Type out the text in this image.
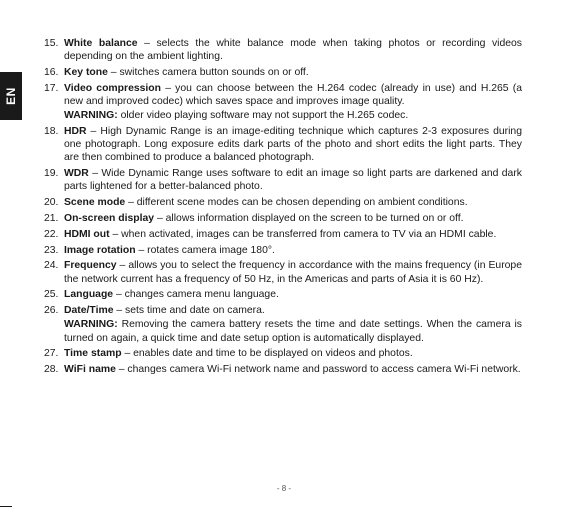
EN
15. White balance – selects the white balance mode when taking photos or recording videos depending on the ambient lighting.
16. Key tone – switches camera button sounds on or off.
17. Video compression – you can choose between the H.264 codec (already in use) and H.265 (a new and improved codec) which saves space and improves image quality.
WARNING: older video playing software may not support the H.265 codec.
18. HDR – High Dynamic Range is an image-editing technique which captures 2-3 exposures during one photograph. Long exposure edits dark parts of the photo and short edits the light parts. They are then combined to produce a balanced photograph.
19. WDR – Wide Dynamic Range uses software to edit an image so light parts are darkened and dark parts lightened for a better-balanced photo.
20. Scene mode – different scene modes can be chosen depending on ambient conditions.
21. On-screen display – allows information displayed on the screen to be turned on or off.
22. HDMI out – when activated, images can be transferred from camera to TV via an HDMI cable.
23. Image rotation – rotates camera image 180°.
24. Frequency – allows you to select the frequency in accordance with the mains frequency (in Europe the network current has a frequency of 50 Hz, in the Americas and parts of Asia it is 60 Hz).
25. Language – changes camera menu language.
26. Date/Time – sets time and date on camera.
WARNING: Removing the camera battery resets the time and date settings. When the camera is turned on again, a quick time and date setup option is automatically displayed.
27. Time stamp – enables date and time to be displayed on videos and photos.
28. WiFi name – changes camera Wi-Fi network name and password to access camera Wi-Fi network.
- 8 -
